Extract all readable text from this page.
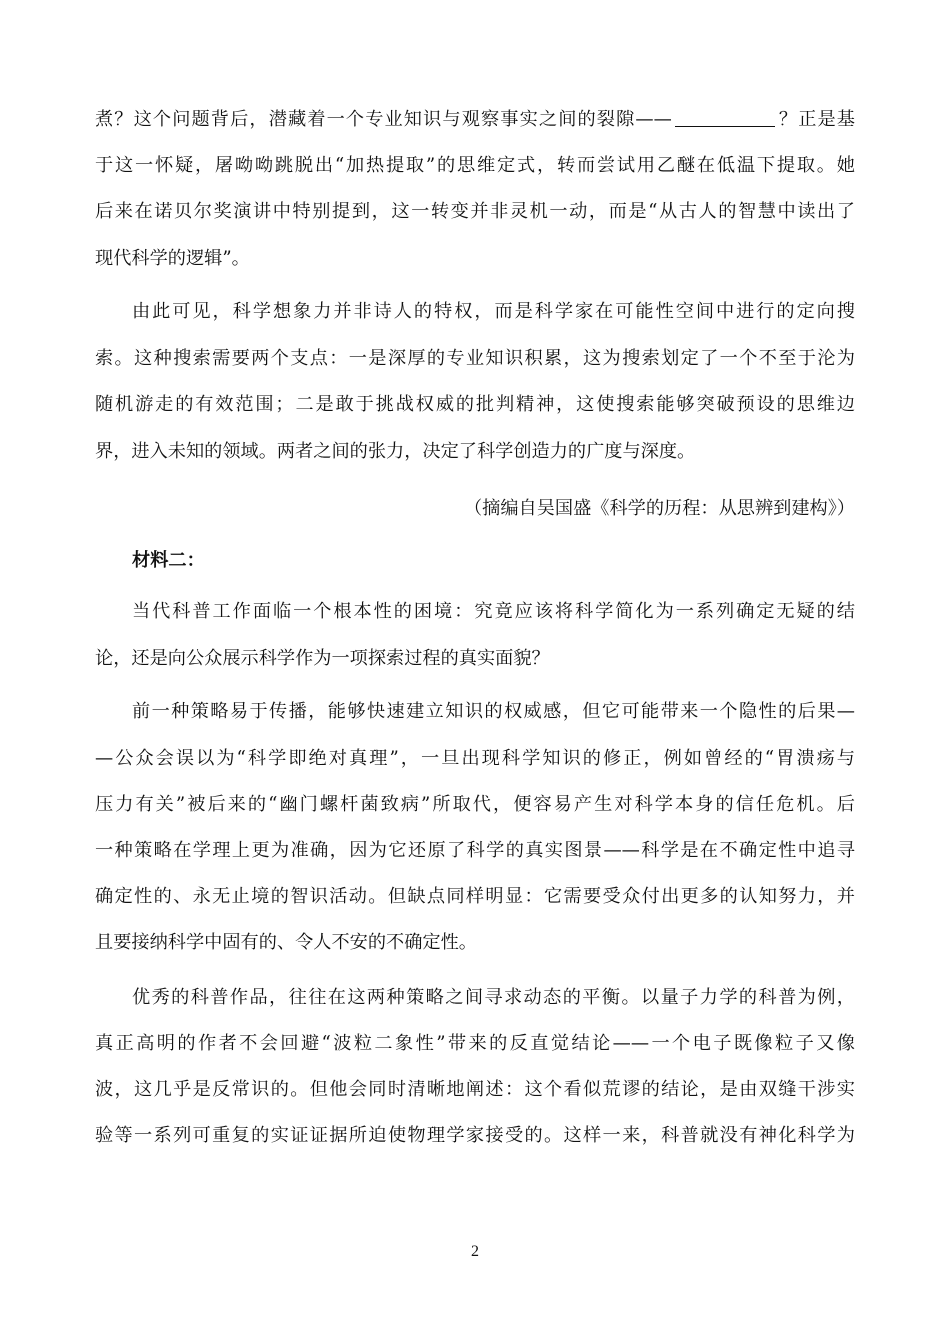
煮？这个问题背后，潜藏着一个专业知识与观察事实之间的裂隙——	？正是基
于这一怀疑，屠呦呦跳脱出“加热提取”的思维定式，转而尝试用乙醚在低温下提取。她
后来在诺贝尔奖演讲中特别提到，这一转变并非灵机一动，而是“从古人的智慧中读出了
现代科学的逻辑”。
由此可见，科学想象力并非诗人的特权，而是科学家在可能性空间中进行的定向搜
索。这种搜索需要两个支点：一是深厚的专业知识积累，这为搜索划定了一个不至于沦为
随机游走的有效范围；二是敢于挑战权威的批判精神，这使搜索能够突破预设的思维边
界，进入未知的领域。两者之间的张力，决定了科学创造力的广度与深度。
（摘编自吴国盛《科学的历程：从思辨到建构》）
材料二：
当代科普工作面临一个根本性的困境：究竟应该将科学简化为一系列确定无疑的结
论，还是向公众展示科学作为一项探索过程的真实面貌？
前一种策略易于传播，能够快速建立知识的权威感，但它可能带来一个隐性的后果—
—公众会误以为“科学即绝对真理”，一旦出现科学知识的修正，例如曾经的“胃溃疡与
压力有关”被后来的“幽门螺杆菌致病”所取代，便容易产生对科学本身的信任危机。后
一种策略在学理上更为准确，因为它还原了科学的真实图景——科学是在不确定性中追寻
确定性的、永无止境的智识活动。但缺点同样明显：它需要受众付出更多的认知努力，并
且要接纳科学中固有的、令人不安的不确定性。
优秀的科普作品，往往在这两种策略之间寻求动态的平衡。以量子力学的科普为例，
真正高明的作者不会回避“波粒二象性”带来的反直觉结论——一个电子既像粒子又像
波，这几乎是反常识的。但他会同时清晰地阐述：这个看似荒谬的结论，是由双缝干涉实
验等一系列可重复的实证证据所迫使物理学家接受的。这样一来，科普就没有神化科学为
2
